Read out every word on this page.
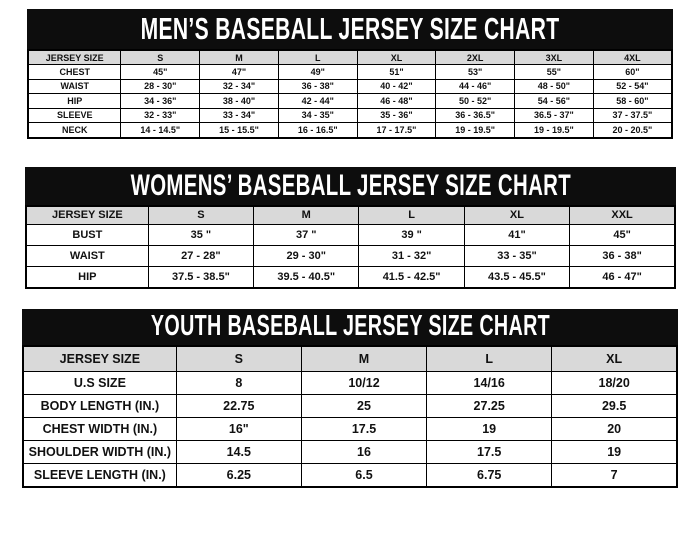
MEN’S BASEBALL JERSEY SIZE CHART
JERSEY SIZE	S	M	L	XL	2XL	3XL	4XL
CHEST	45"	47"	49"	51"	53"	55"	60"
WAIST	28 - 30"	32 - 34"	36 - 38"	40 - 42"	44 - 46"	48 - 50"	52 - 54"
HIP	34 - 36"	38 - 40"	42 - 44"	46 - 48"	50 - 52"	54 - 56"	58 - 60"
SLEEVE	32 - 33"	33 - 34"	34 - 35"	35 - 36"	36 - 36.5"	36.5 - 37"	37 - 37.5"
NECK	14 - 14.5"	15 - 15.5"	16 - 16.5"	17 - 17.5"	19 - 19.5"	19 - 19.5"	20 - 20.5"
WOMENS’ BASEBALL JERSEY SIZE CHART
JERSEY SIZE	S	M	L	XL	XXL
BUST	35 "	37 "	39 "	41"	45"
WAIST	27 - 28"	29 - 30"	31 - 32"	33 - 35"	36 - 38"
HIP	37.5 - 38.5"	39.5 - 40.5"	41.5 - 42.5"	43.5 - 45.5"	46 - 47"
YOUTH BASEBALL JERSEY SIZE CHART
JERSEY SIZE	S	M	L	XL
U.S SIZE	8	10/12	14/16	18/20
BODY LENGTH (IN.)	22.75	25	27.25	29.5
CHEST WIDTH (IN.)	16"	17.5	19	20
SHOULDER WIDTH (IN.)	14.5	16	17.5	19
SLEEVE LENGTH (IN.)	6.25	6.5	6.75	7
